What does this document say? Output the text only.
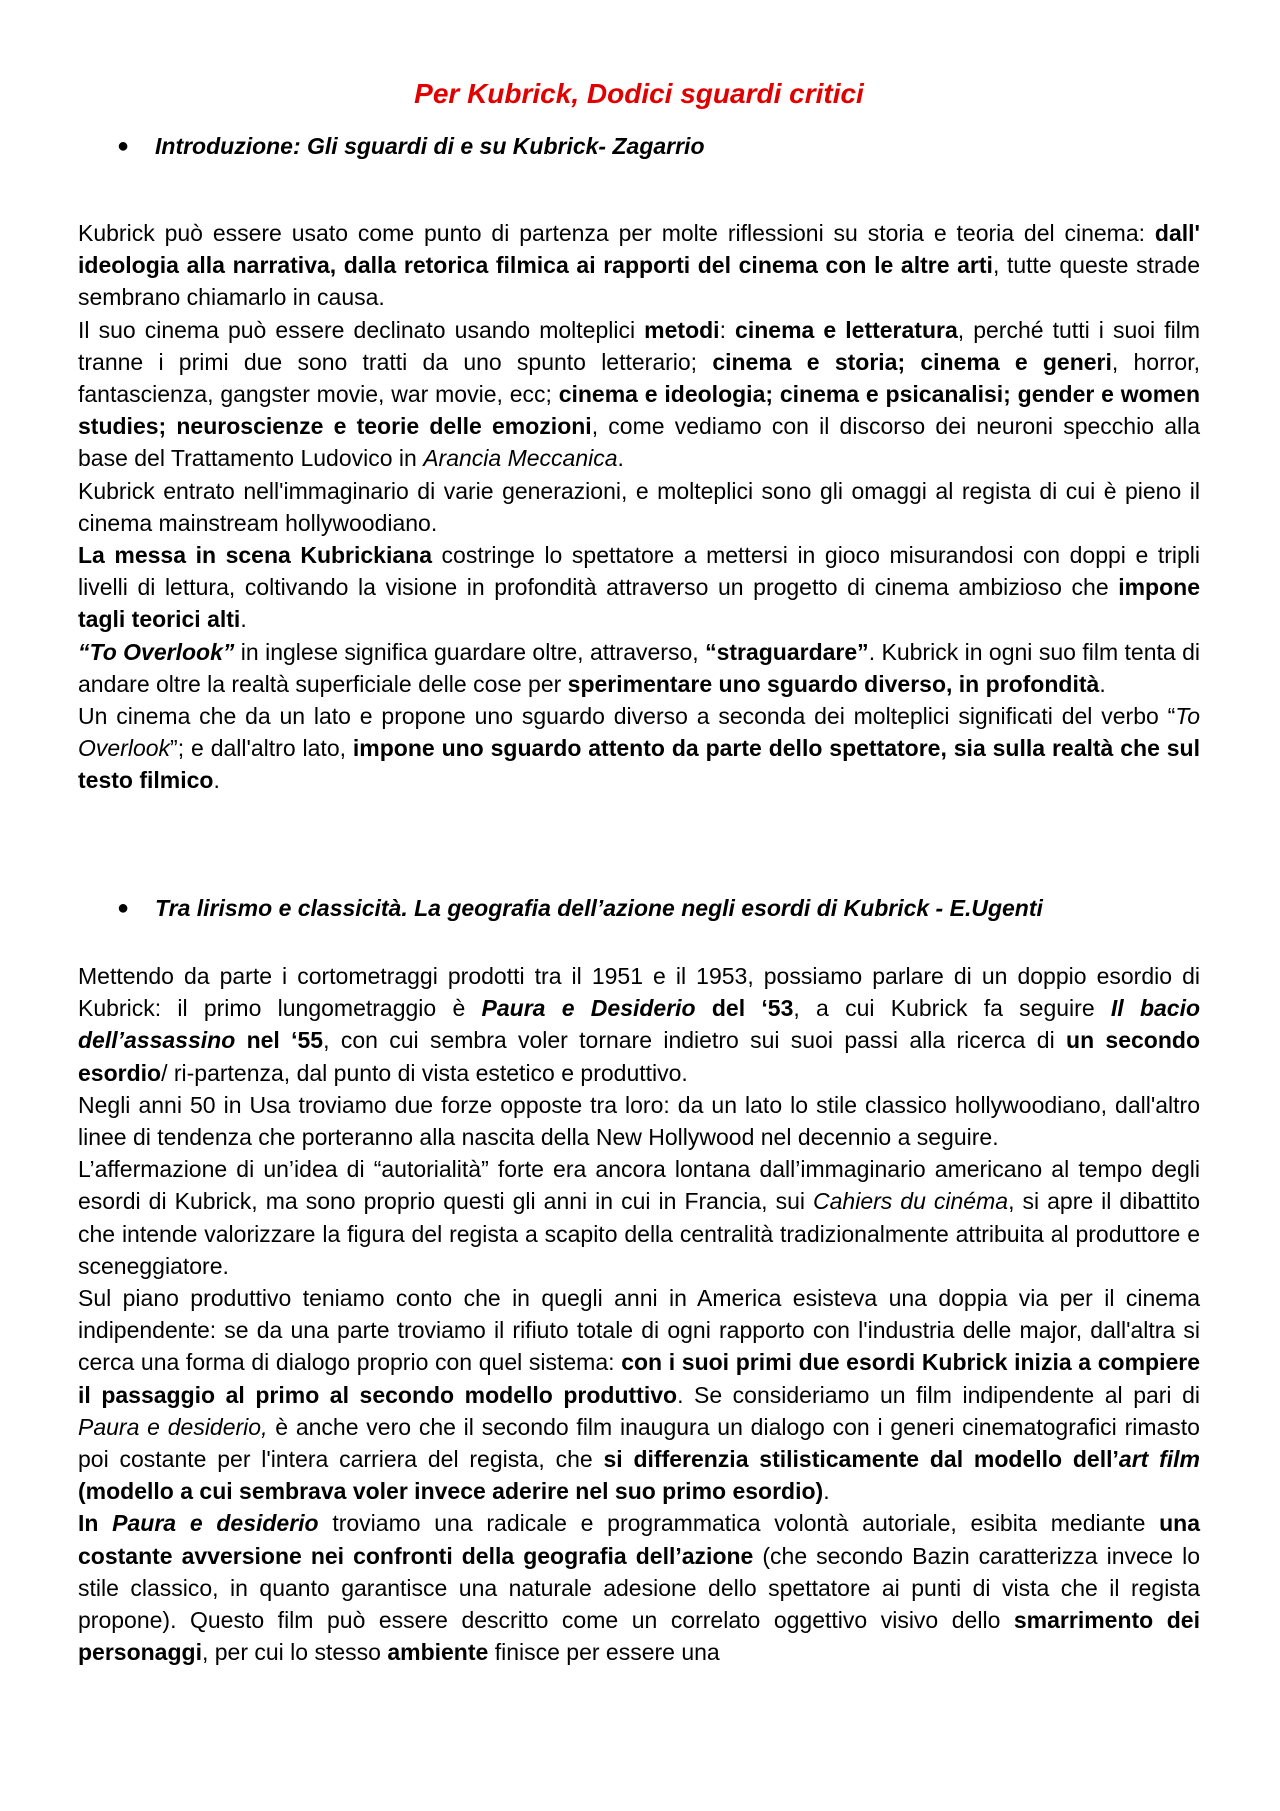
Per Kubrick, Dodici sguardi critici
● Introduzione: Gli sguardi di e su Kubrick- Zagarrio

Kubrick può essere usato come punto di partenza per molte riflessioni su storia e teoria del cinema: dall' ideologia alla narrativa, dalla retorica filmica ai rapporti del cinema con le altre arti, tutte queste strade sembrano chiamarlo in causa.

Il suo cinema può essere declinato usando molteplici metodi: cinema e letteratura, perché tutti i suoi film tranne i primi due sono tratti da uno spunto letterario; cinema e storia; cinema e generi, horror, fantascienza, gangster movie, war movie, ecc; cinema e ideologia; cinema e psicanalisi; gender e women studies; neuroscienze e teorie delle emozioni, come vediamo con il discorso dei neuroni specchio alla base del Trattamento Ludovico in Arancia Meccanica.

Kubrick entrato nell'immaginario di varie generazioni, e molteplici sono gli omaggi al regista di cui è pieno il cinema mainstream hollywoodiano.

La messa in scena Kubrickiana costringe lo spettatore a mettersi in gioco misurandosi con doppi e tripli livelli di lettura, coltivando la visione in profondità attraverso un progetto di cinema ambizioso che impone tagli teorici alti.

“To Overlook” in inglese significa guardare oltre, attraverso, “straguardare”. Kubrick in ogni suo film tenta di andare oltre la realtà superficiale delle cose per sperimentare uno sguardo diverso, in profondità.

Un cinema che da un lato e propone uno sguardo diverso a seconda dei molteplici significati del verbo “To Overlook”; e dall'altro lato, impone uno sguardo attento da parte dello spettatore, sia sulla realtà che sul testo filmico.

● Tra lirismo e classicità. La geografia dell’azione negli esordi di Kubrick - E.Ugenti

Mettendo da parte i cortometraggi prodotti tra il 1951 e il 1953, possiamo parlare di un doppio esordio di Kubrick: il primo lungometraggio è Paura e Desiderio del ‘53, a cui Kubrick fa seguire Il bacio dell’assassino nel ‘55, con cui sembra voler tornare indietro sui suoi passi alla ricerca di un secondo esordio/ ri-partenza, dal punto di vista estetico e produttivo.

Negli anni 50 in Usa troviamo due forze opposte tra loro: da un lato lo stile classico hollywoodiano, dall'altro linee di tendenza che porteranno alla nascita della New Hollywood nel decennio a seguire.

L’affermazione di un’idea di “autorialità” forte era ancora lontana dall’immaginario americano al tempo degli esordi di Kubrick, ma sono proprio questi gli anni in cui in Francia, sui Cahiers du cinéma, si apre il dibattito che intende valorizzare la figura del regista a scapito della centralità tradizionalmente attribuita al produttore e sceneggiatore.

Sul piano produttivo teniamo conto che in quegli anni in America esisteva una doppia via per il cinema indipendente: se da una parte troviamo il rifiuto totale di ogni rapporto con l'industria delle major, dall'altra si cerca una forma di dialogo proprio con quel sistema: con i suoi primi due esordi Kubrick inizia a compiere il passaggio al primo al secondo modello produttivo. Se consideriamo un film indipendente al pari di Paura e desiderio, è anche vero che il secondo film inaugura un dialogo con i generi cinematografici rimasto poi costante per l'intera carriera del regista, che si differenzia stilisticamente dal modello dell’art film (modello a cui sembrava voler invece aderire nel suo primo esordio).

In Paura e desiderio troviamo una radicale e programmatica volontà autoriale, esibita mediante una costante avversione nei confronti della geografia dell’azione (che secondo Bazin caratterizza invece lo stile classico, in quanto garantisce una naturale adesione dello spettatore ai punti di vista che il regista propone). Questo film può essere descritto come un correlato oggettivo visivo dello smarrimento dei personaggi, per cui lo stesso ambiente finisce per essere una
